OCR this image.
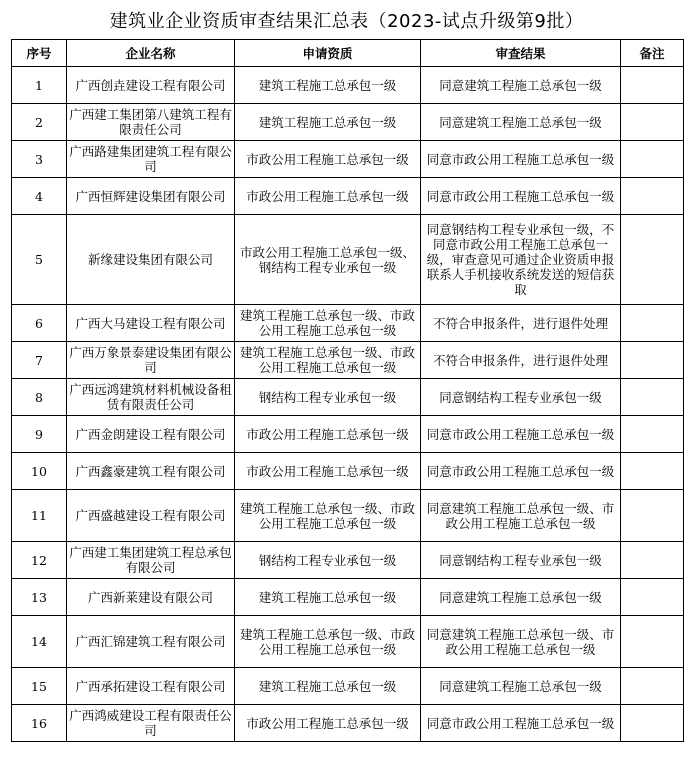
建筑业企业资质审查结果汇总表（2023-试点升级第9批）
序号	企业名称	申请资质	审查结果	备注
1	广西创垚建设工程有限公司	建筑工程施工总承包一级	同意建筑工程施工总承包一级	
2	广西建工集团第八建筑工程有限责任公司	建筑工程施工总承包一级	同意建筑工程施工总承包一级	
3	广西路建集团建筑工程有限公司	市政公用工程施工总承包一级	同意市政公用工程施工总承包一级	
4	广西恒辉建设集团有限公司	市政公用工程施工总承包一级	同意市政公用工程施工总承包一级	
5	新缘建设集团有限公司	市政公用工程施工总承包一级、钢结构工程专业承包一级	同意钢结构工程专业承包一级，不同意市政公用工程施工总承包一级，审查意见可通过企业资质申报联系人手机接收系统发送的短信获取	
6	广西大马建设工程有限公司	建筑工程施工总承包一级、市政公用工程施工总承包一级	不符合申报条件，进行退件处理	
7	广西万象景泰建设集团有限公司	建筑工程施工总承包一级、市政公用工程施工总承包一级	不符合申报条件，进行退件处理	
8	广西远鸿建筑材料机械设备租赁有限责任公司	钢结构工程专业承包一级	同意钢结构工程专业承包一级	
9	广西金朗建设工程有限公司	市政公用工程施工总承包一级	同意市政公用工程施工总承包一级	
10	广西鑫豪建筑工程有限公司	市政公用工程施工总承包一级	同意市政公用工程施工总承包一级	
11	广西盛越建设工程有限公司	建筑工程施工总承包一级、市政公用工程施工总承包一级	同意建筑工程施工总承包一级、市政公用工程施工总承包一级	
12	广西建工集团建筑工程总承包有限公司	钢结构工程专业承包一级	同意钢结构工程专业承包一级	
13	广西新莱建设有限公司	建筑工程施工总承包一级	同意建筑工程施工总承包一级	
14	广西汇锦建筑工程有限公司	建筑工程施工总承包一级、市政公用工程施工总承包一级	同意建筑工程施工总承包一级、市政公用工程施工总承包一级	
15	广西承拓建设工程有限公司	建筑工程施工总承包一级	同意建筑工程施工总承包一级	
16	广西鸿威建设工程有限责任公司	市政公用工程施工总承包一级	同意市政公用工程施工总承包一级	
